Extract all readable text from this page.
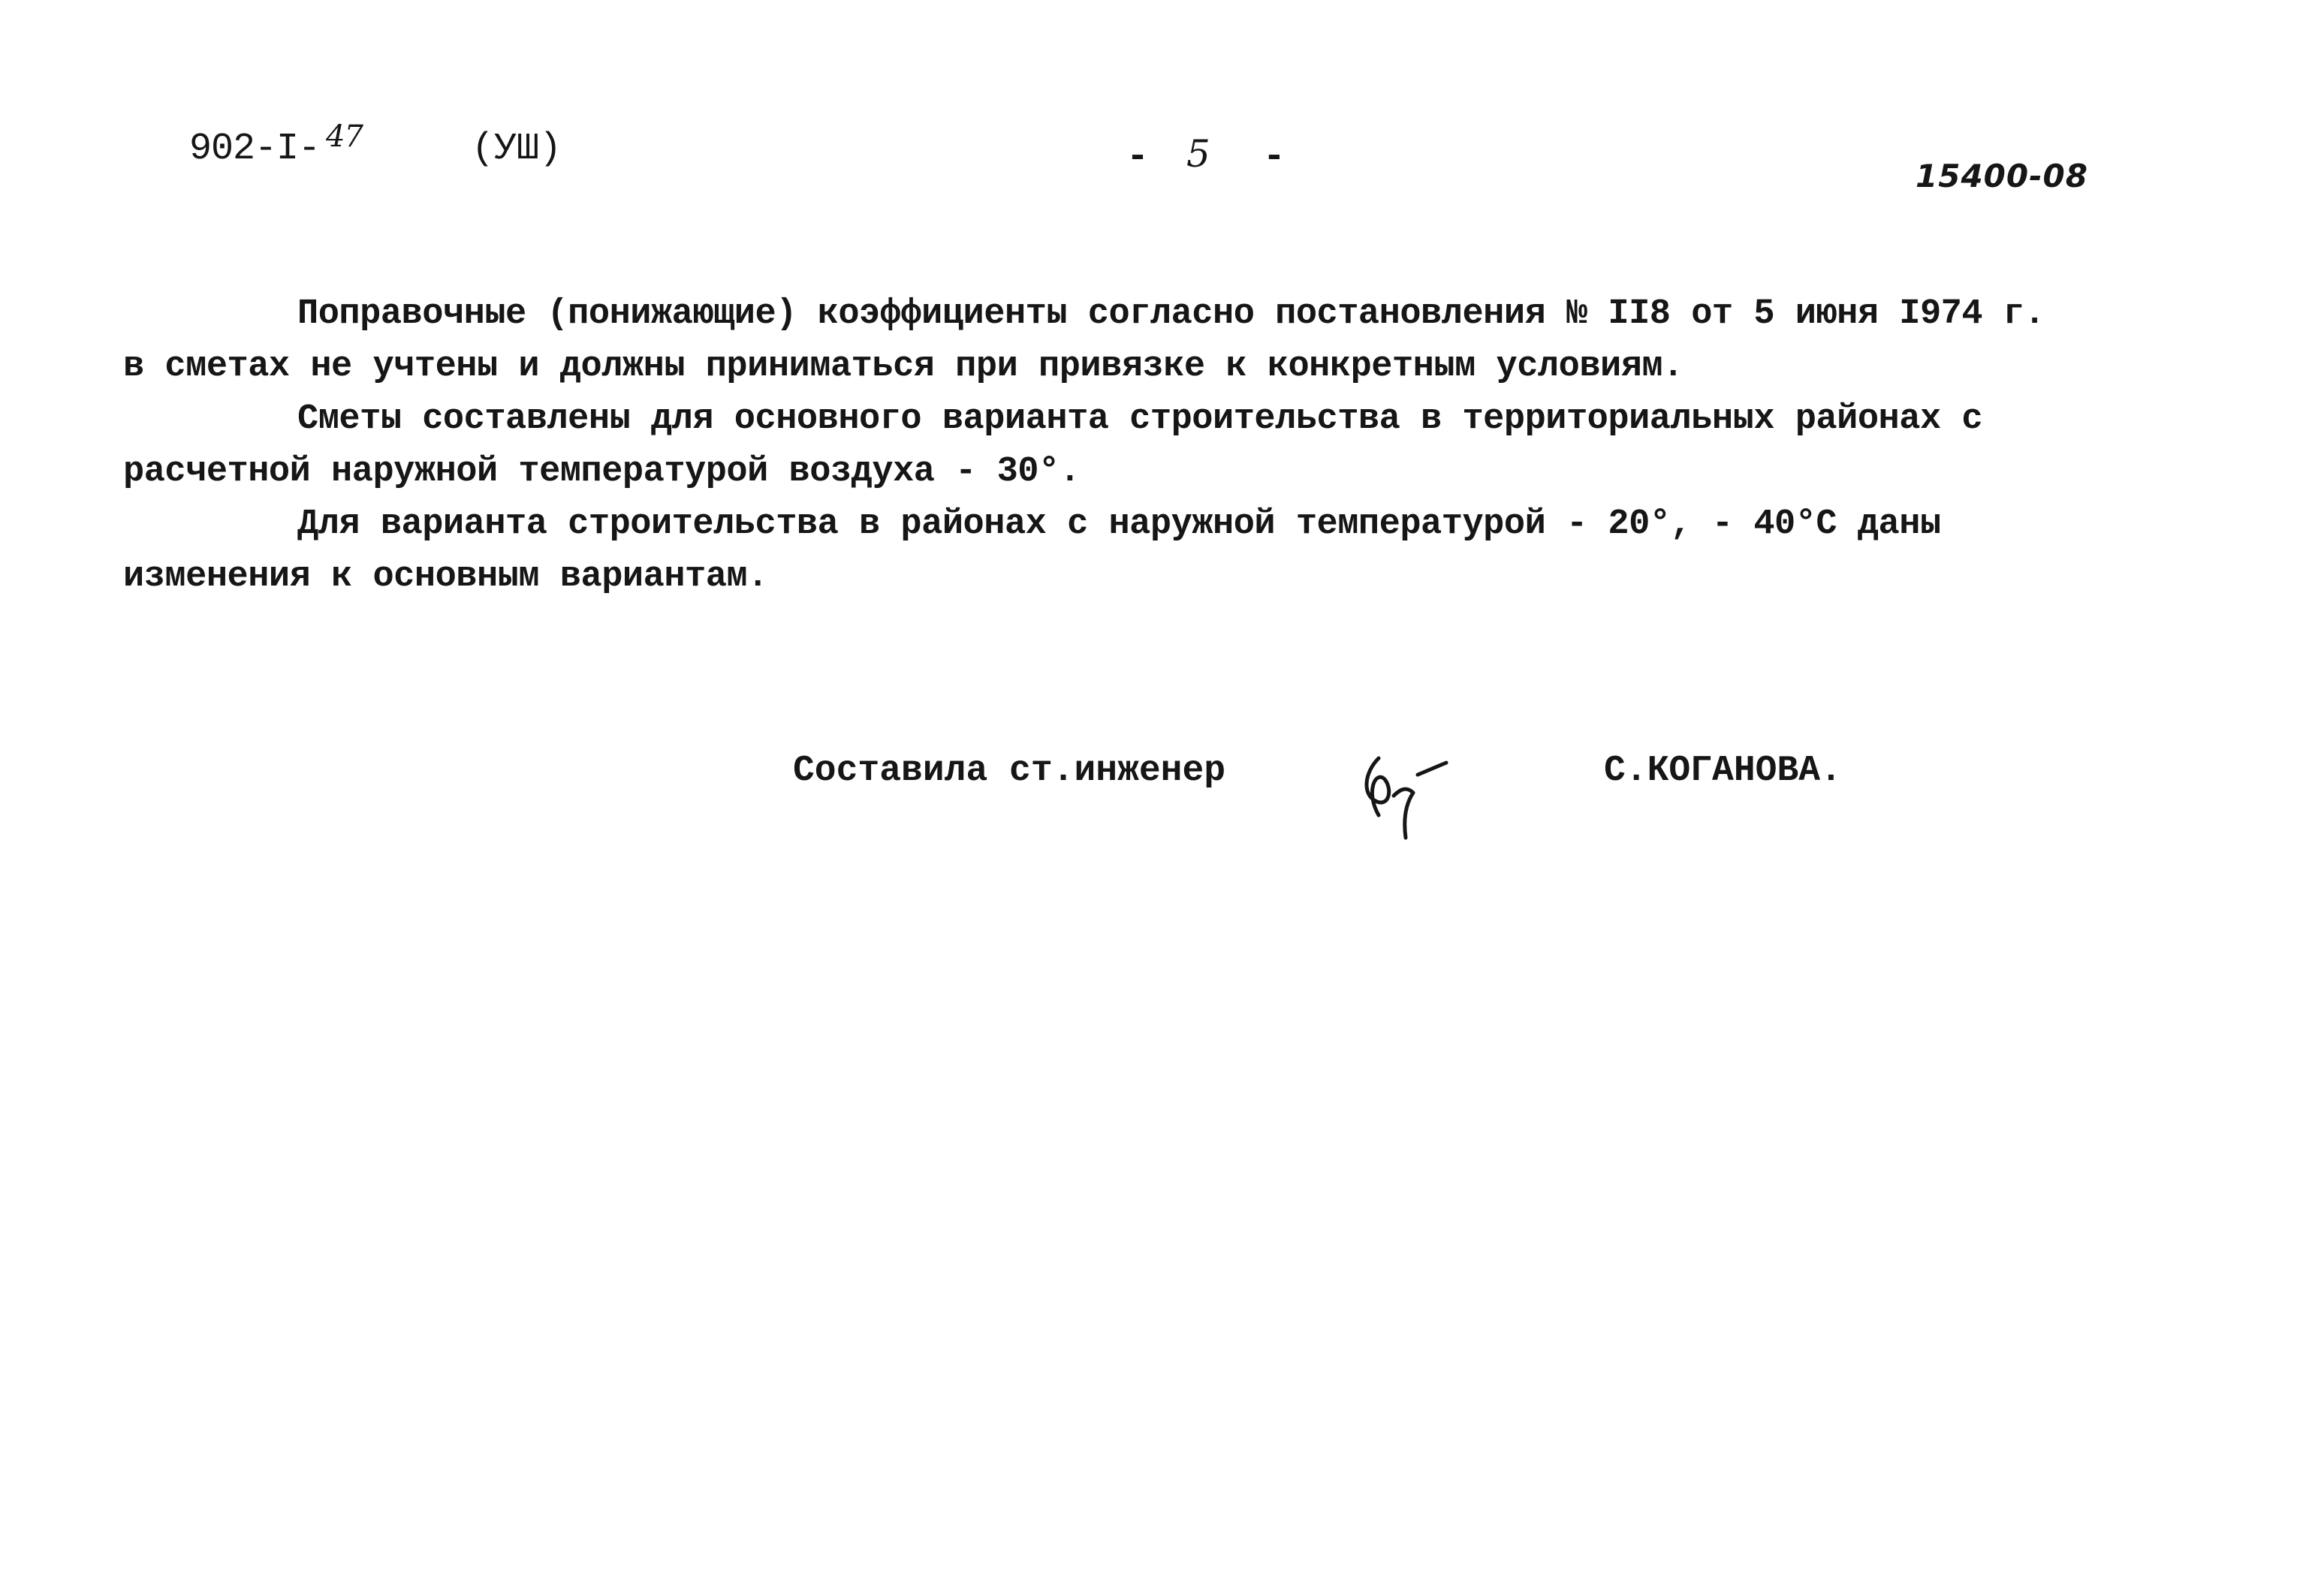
902-I- $^{47}$	(УШ)	- 5 -	15400-08

Поправочные (понижающие) коэффициенты согласно постановления № II8 от 5 июня I974 г.
в сметах не учтены и должны приниматься при привязке к конкретным условиям.

Сметы составлены для основного варианта строительства в территориальных районах с
расчетной наружной температурой воздуха - 30°.

Для варианта строительства в районах с наружной температурой - 20°, - 40°С даны
изменения к основным вариантам.

Составила ст.инженер	С.КОГАНОВА.
